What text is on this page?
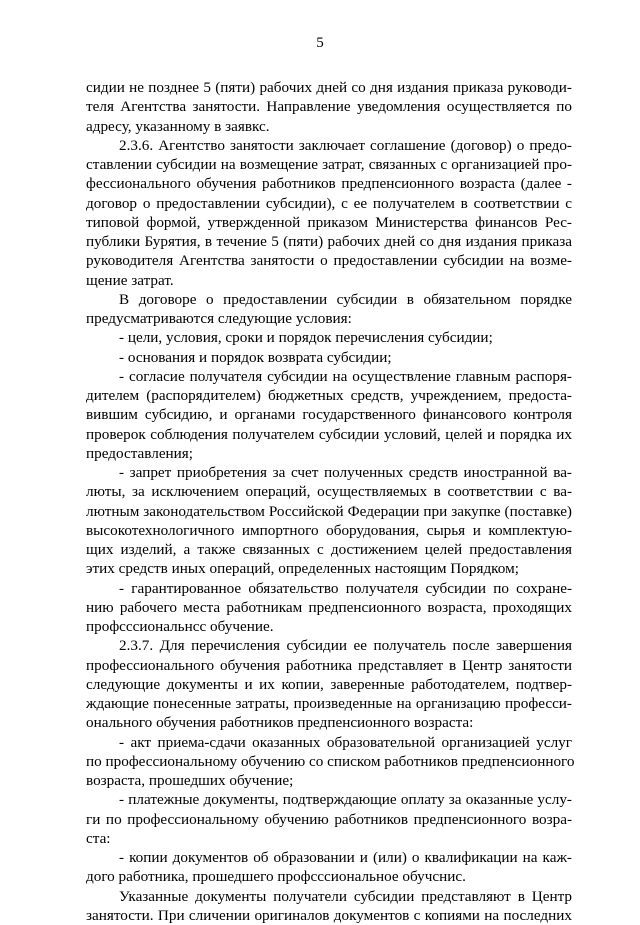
5
сидии не позднее 5 (пяти) рабочих дней со дня издания приказа руководи-
теля Агентства занятости. Направление уведомления осуществляется по
адресу, указанному в заявкс.
2.3.6. Агентство занятости заключает соглашение (договор) о предо-
ставлении субсидии на возмещение затрат, связанных с организацией про-
фессионального обучения работников предпенсионного возраста (далее -
договор о предоставлении субсидии), с ее получателем в соответствии с
типовой формой, утвержденной приказом Министерства финансов Рес-
публики Бурятия, в течение 5 (пяти) рабочих дней со дня издания приказа
руководителя Агентства занятости о предоставлении субсидии на возме-
щение затрат.
В договоре о предоставлении субсидии в обязательном порядке
предусматриваются следующие условия:
- цели, условия, сроки и порядок перечисления субсидии;
- основания и порядок возврата субсидии;
- согласие получателя субсидии на осуществлениe главным распоря-
дителем (распорядителем) бюджетных средств, учреждением, предоста-
вившим субсидию, и органами государственного финансового контроля
проверок соблюдения получателем субсидии условий, целей и порядка их
предоставления;
- запрет приобретения за счет полученных средств иностранной ва-
люты, за исключением операций, осуществляемых в соответствии с ва-
лютным законодательством Российской Федерации при закупке (поставке)
высокотехнологичного импортного оборудования, сырья и комплектую-
щих изделий, а также связанных с достижением целей предоставления
этих средств иных операций, определенных настоящим Порядком;
- гарантированное обязательство получателя субсидии по сохране-
нию рабочего места работникам предпенсионного возраста, проходящих
профсссиональнсс обучение.
2.3.7. Для перечисления субсидии ее получатель после завершения
профессионального обучения работника представляет в Центр занятости
следующие документы и их копии, заверенные работодателем, подтвер-
ждающие понесенные затраты, произведенные на организацию професси-
онального обучения работников предпенсионного возраста:
- акт приема-сдачи оказанных образовательной организацией услуг
по профессиональному обучению со списком работников предпенсионного
возраста, прошедших обучение;
- платежные документы, подтверждающие оплату за оказанные услу-
ги по профессиональному обучению работников предпенсионного возра-
ста:
- копии документов об образовании и (или) о квалификации на каж-
дого работника, прошедшего профсссиональное обучснис.
Указанные документы получатели субсидии представляют в Центр
занятости. При сличении оригиналов документов с копиями на последних
